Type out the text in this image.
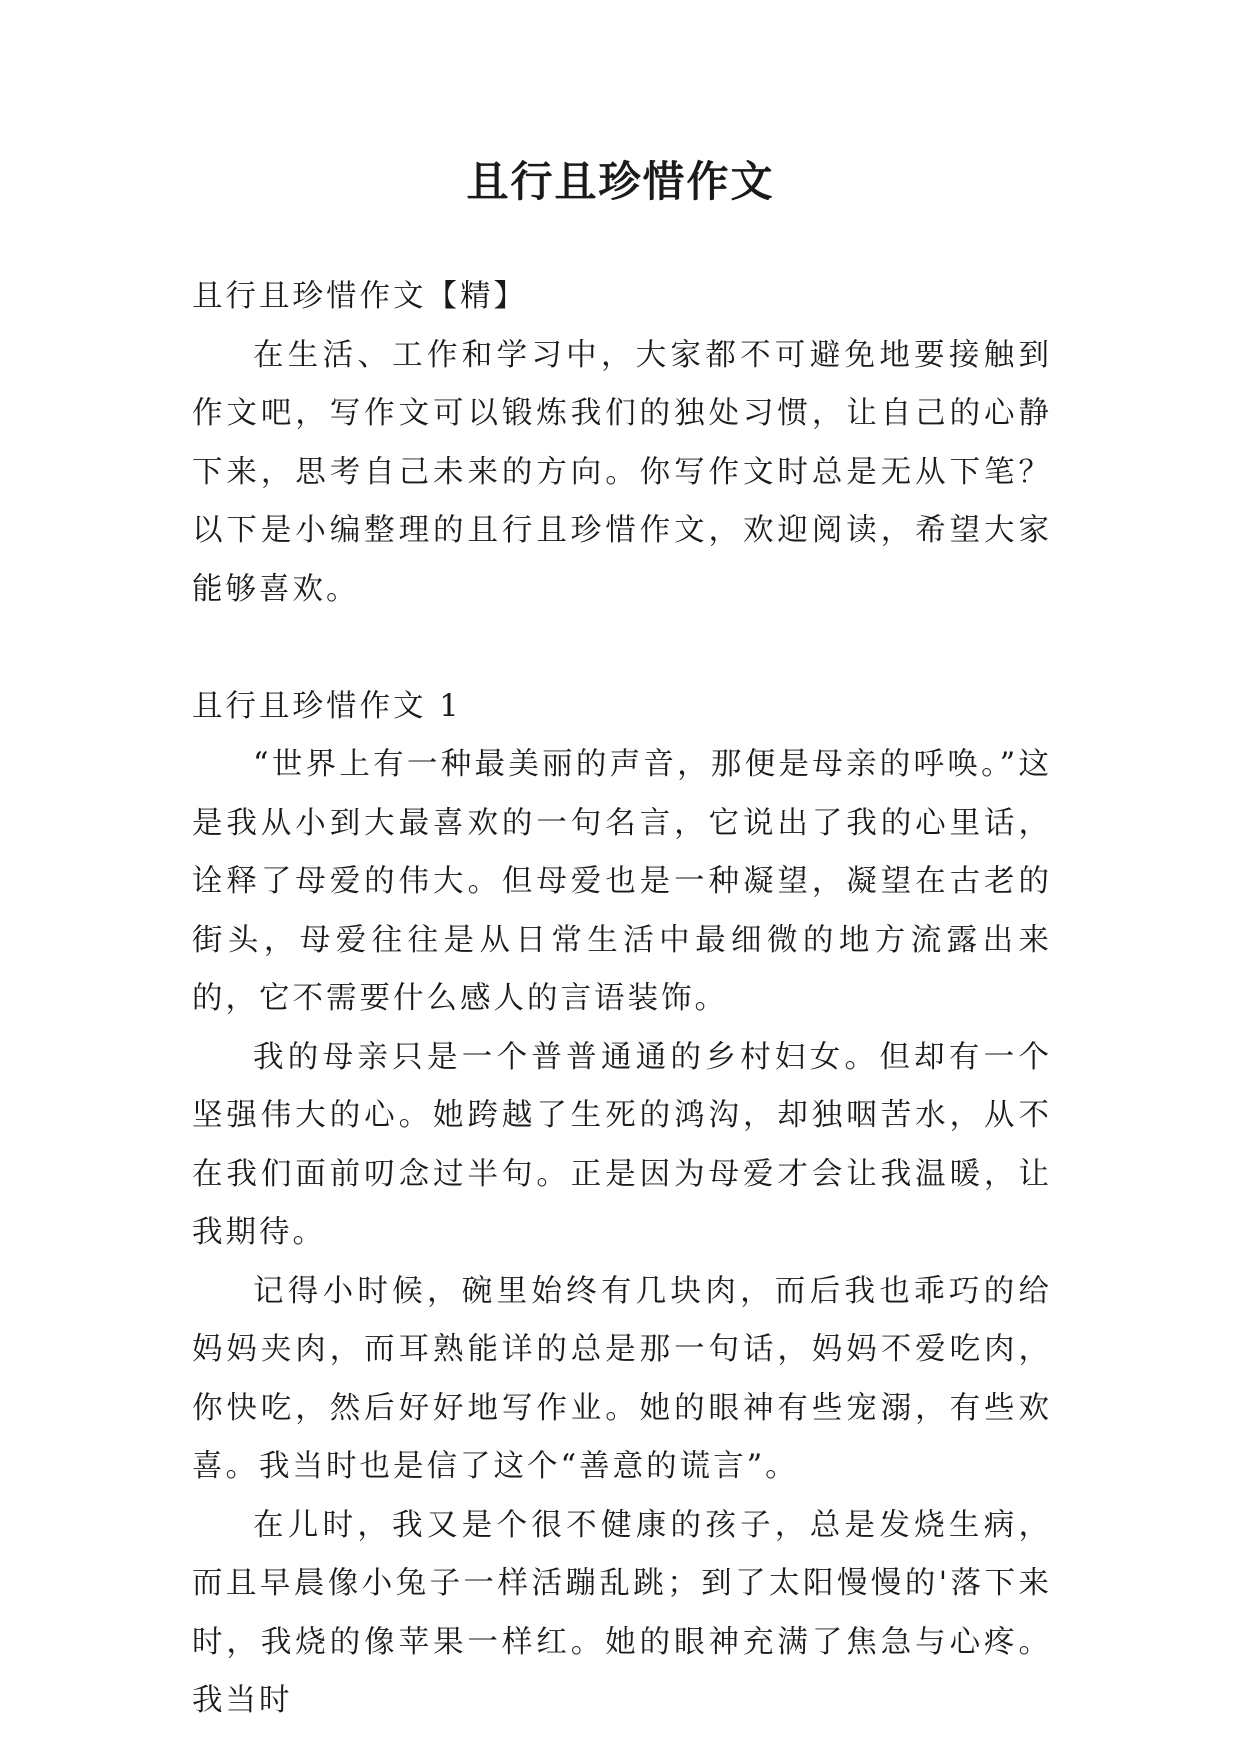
且行且珍惜作文

且行且珍惜作文【精】

在生活、工作和学习中，大家都不可避免地要接触到作文吧，写作文可以锻炼我们的独处习惯，让自己的心静下来，思考自己未来的方向。你写作文时总是无从下笔？以下是小编整理的且行且珍惜作文，欢迎阅读，希望大家能够喜欢。

且行且珍惜作文 1

“世界上有一种最美丽的声音，那便是母亲的呼唤。”这是我从小到大最喜欢的一句名言，它说出了我的心里话，诠释了母爱的伟大。但母爱也是一种凝望，凝望在古老的街头，母爱往往是从日常生活中最细微的地方流露出来的，它不需要什么感人的言语装饰。

我的母亲只是一个普普通通的乡村妇女。但却有一个坚强伟大的心。她跨越了生死的鸿沟，却独咽苦水，从不在我们面前叨念过半句。正是因为母爱才会让我温暖，让我期待。

记得小时候，碗里始终有几块肉，而后我也乖巧的给妈妈夹肉，而耳熟能详的总是那一句话，妈妈不爱吃肉，你快吃，然后好好地写作业。她的眼神有些宠溺，有些欢喜。我当时也是信了这个“善意的谎言”。

在儿时，我又是个很不健康的孩子，总是发烧生病，而且早晨像小兔子一样活蹦乱跳；到了太阳慢慢的'落下来时，我烧的像苹果一样红。她的眼神充满了焦急与心疼。我当时
